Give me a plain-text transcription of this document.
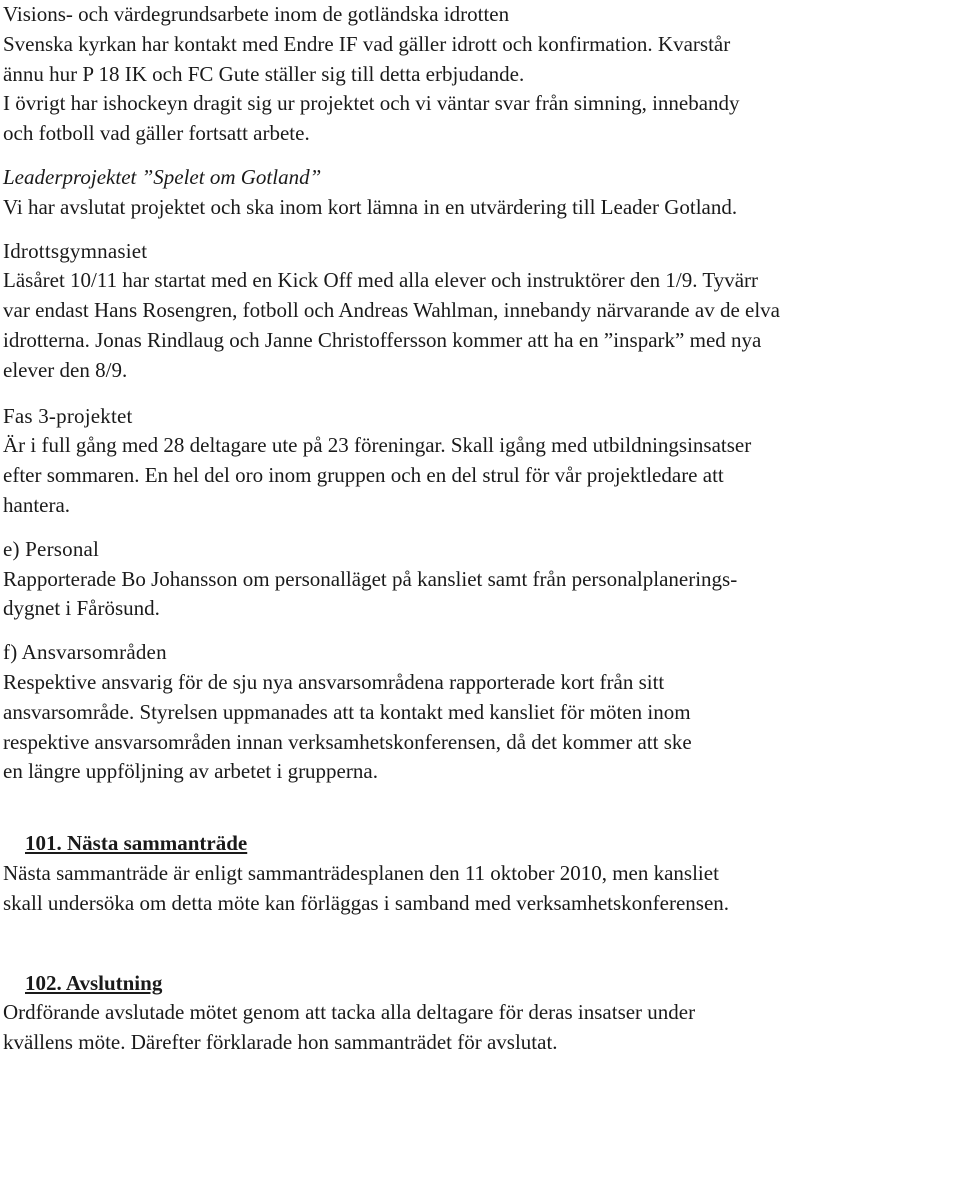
Visions- och värdegrundsarbete inom de gotländska idrotten
Svenska kyrkan har kontakt med Endre IF vad gäller idrott och konfirmation. Kvarstår
ännu hur P 18 IK och FC Gute ställer sig till detta erbjudande.
I övrigt har ishockeyn dragit sig ur projektet och vi väntar svar från simning, innebandy
och fotboll vad gäller fortsatt arbete.
Leaderprojektet ”Spelet om Gotland”
Vi har avslutat projektet och ska inom kort lämna in en utvärdering till Leader Gotland.
Idrottsgymnasiet
Läsåret 10/11 har startat med en Kick Off med alla elever och instruktörer den 1/9. Tyvärr
var endast Hans Rosengren, fotboll och Andreas Wahlman, innebandy närvarande av de elva
idrotterna. Jonas Rindlaug och Janne Christoffersson kommer att ha en ”inspark” med nya
elever den 8/9.
Fas 3-projektet
Är i full gång med 28 deltagare ute på 23 föreningar. Skall igång med utbildningsinsatser
efter sommaren. En hel del oro inom gruppen och en del strul för vår projektledare att
hantera.
e) Personal
Rapporterade Bo Johansson om personalläget på kansliet samt från personalplanerings-
dygnet i Fårösund.
f) Ansvarsområden
Respektive ansvarig för de sju nya ansvarsområdena rapporterade kort från sitt
ansvarsområde. Styrelsen uppmanades att ta kontakt med kansliet för möten inom
respektive ansvarsområden innan verksamhetskonferensen, då det kommer att ske
en längre uppföljning av arbetet i grupperna.
101. Nästa sammanträde
Nästa sammanträde är enligt sammanträdesplanen den 11 oktober 2010, men kansliet
skall undersöka om detta möte kan förläggas i samband med verksamhetskonferensen.
102. Avslutning
Ordförande avslutade mötet genom att tacka alla deltagare för deras insatser under
kvällens möte. Därefter förklarade hon sammanträdet för avslutat.
